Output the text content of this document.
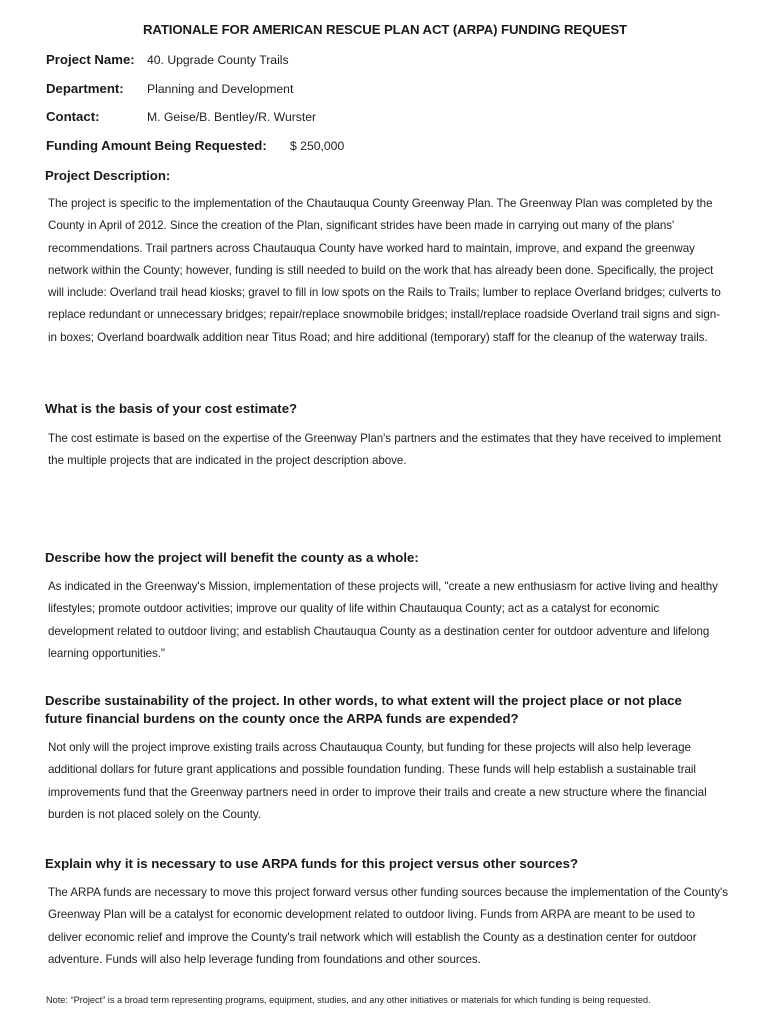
RATIONALE FOR AMERICAN RESCUE PLAN ACT (ARPA) FUNDING REQUEST
Project Name: 40. Upgrade County Trails
Department: Planning and Development
Contact:	M. Geise/B. Bentley/R. Wurster
Funding Amount Being Requested: $ 250,000
Project Description:
The project is specific to the implementation of the Chautauqua County Greenway Plan. The Greenway Plan was completed by the County in April of 2012. Since the creation of the Plan, significant strides have been made in carrying out many of the plans' recommendations. Trail partners across Chautauqua County have worked hard to maintain, improve, and expand the greenway network within the County; however, funding is still needed to build on the work that has already been done. Specifically, the project will include: Overland trail head kiosks; gravel to fill in low spots on the Rails to Trails; lumber to replace Overland bridges; culverts to replace redundant or unnecessary bridges; repair/replace snowmobile bridges; install/replace roadside Overland trail signs and sign-in boxes; Overland boardwalk addition near Titus Road; and hire additional (temporary) staff for the cleanup of the waterway trails.
What is the basis of your cost estimate?
The cost estimate is based on the expertise of the Greenway Plan's partners and the estimates that they have received to implement the multiple projects that are indicated in the project description above.
Describe how the project will benefit the county as a whole:
As indicated in the Greenway's Mission, implementation of these projects will, "create a new enthusiasm for active living and healthy lifestyles; promote outdoor activities; improve our quality of life within Chautauqua County; act as a catalyst for economic development related to outdoor living; and establish Chautauqua County as a destination center for outdoor adventure and lifelong learning opportunities."
Describe sustainability of the project. In other words, to what extent will the project place or not place future financial burdens on the county once the ARPA funds are expended?
Not only will the project improve existing trails across Chautauqua County, but funding for these projects will also help leverage additional dollars for future grant applications and possible foundation funding. These funds will help establish a sustainable trail improvements fund that the Greenway partners need in order to improve their trails and create a new structure where the financial burden is not placed solely on the County.
Explain why it is necessary to use ARPA funds for this project versus other sources?
The ARPA funds are necessary to move this project forward versus other funding sources because the implementation of the County's Greenway Plan will be a catalyst for economic development related to outdoor living. Funds from ARPA are meant to be used to deliver economic relief and improve the County's trail network which will establish the County as a destination center for outdoor adventure. Funds will also help leverage funding from foundations and other sources.
Note: “Project” is a broad term representing programs, equipment, studies, and any other initiatives or materials for which funding is being requested.
